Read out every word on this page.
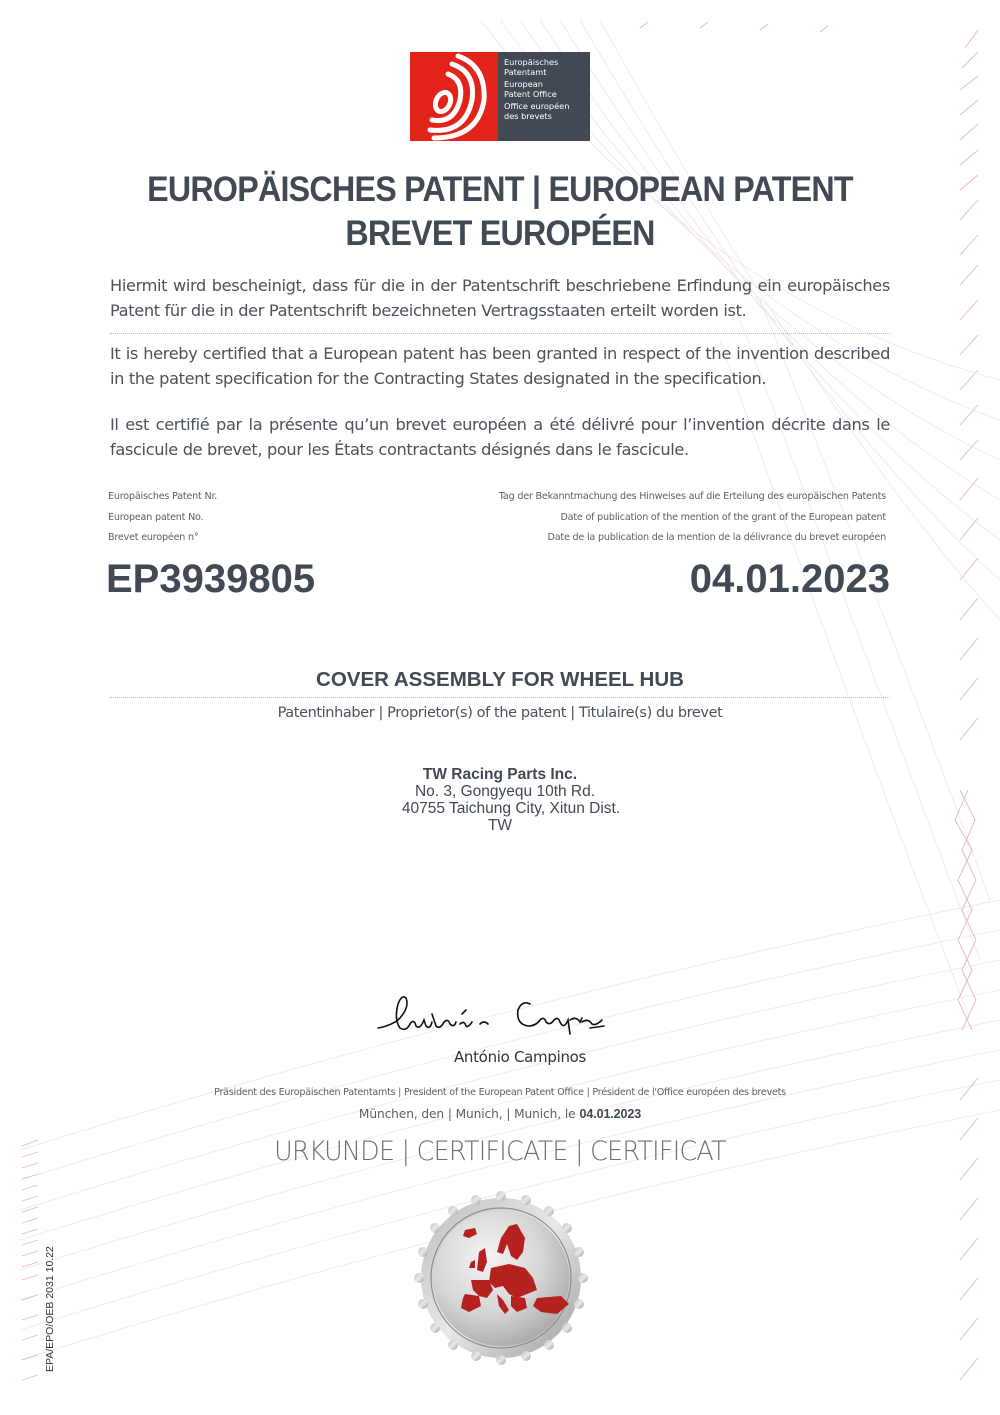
Europäisches
Patentamt
European
Patent Office
Office européen
des brevets
EUROPÄISCHES PATENT | EUROPEAN PATENT
BREVET EUROPÉEN

Hiermit wird bescheinigt, dass für die in der Patentschrift beschriebene Erfindung ein europäisches Patent für die in der Patentschrift bezeichneten Vertragsstaaten erteilt worden ist.

It is hereby certified that a European patent has been granted in respect of the invention described in the patent specification for the Contracting States designated in the specification.

Il est certifié par la présente qu’un brevet européen a été délivré pour l’invention décrite dans le fascicule de brevet, pour les États contractants désignés dans le fascicule.

Europäisches Patent Nr.
European patent No.
Brevet européen n°
Tag der Bekanntmachung des Hinweises auf die Erteilung des europäischen Patents
Date of publication of the mention of the grant of the European patent
Date de la publication de la mention de la délivrance du brevet européen
EP3939805	04.01.2023
COVER ASSEMBLY FOR WHEEL HUB
Patentinhaber | Proprietor(s) of the patent | Titulaire(s) du brevet
TW Racing Parts Inc.
No. 3, Gongyequ 10th Rd.
40755 Taichung City, Xitun Dist.
TW
António Campinos
Präsident des Europäischen Patentamts | President of the European Patent Office | Président de l'Office européen des brevets
München, den | Munich, | Munich, le 04.01.2023
URKUNDE | CERTIFICATE | CERTIFICAT
EPA/EPO/OEB 2031 10.22
